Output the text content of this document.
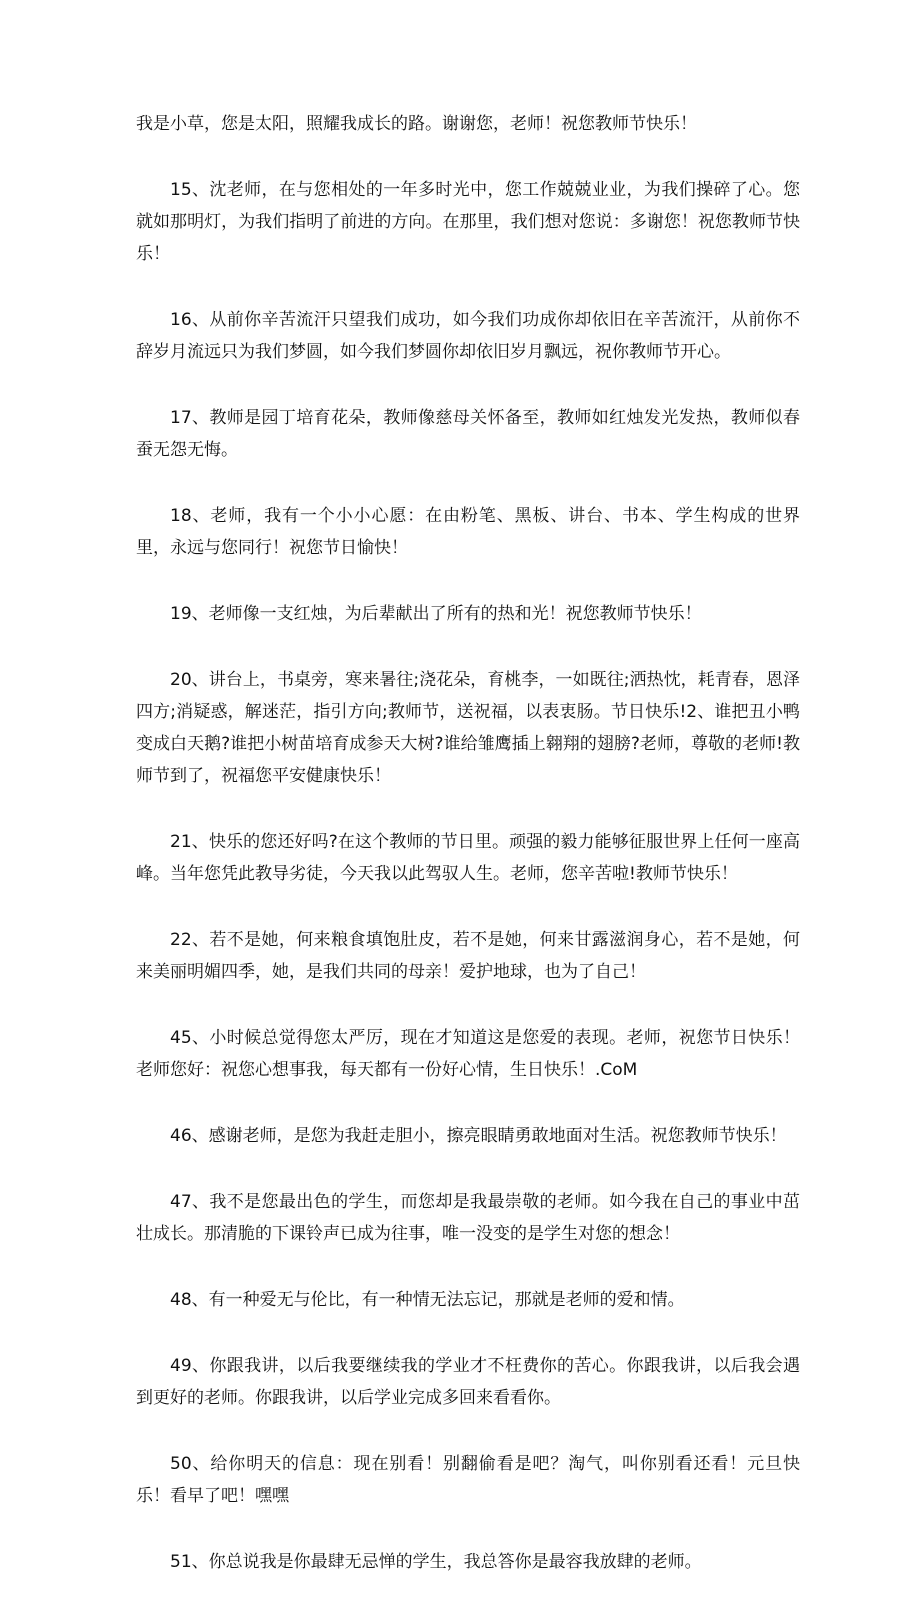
我是小草，您是太阳，照耀我成长的路。谢谢您，老师！祝您教师节快乐！

15、沈老师，在与您相处的一年多时光中，您工作兢兢业业，为我们操碎了心。您就如那明灯，为我们指明了前进的方向。在那里，我们想对您说：多谢您！祝您教师节快乐！

16、从前你辛苦流汗只望我们成功，如今我们功成你却依旧在辛苦流汗，从前你不辞岁月流远只为我们梦圆，如今我们梦圆你却依旧岁月飘远，祝你教师节开心。

17、教师是园丁培育花朵，教师像慈母关怀备至，教师如红烛发光发热，教师似春蚕无怨无悔。

18、老师，我有一个小小心愿：在由粉笔、黑板、讲台、书本、学生构成的世界里，永远与您同行！祝您节日愉快！

19、老师像一支红烛，为后辈献出了所有的热和光！祝您教师节快乐！

20、讲台上，书桌旁，寒来暑往;浇花朵，育桃李，一如既往;洒热忱，耗青春，恩泽四方;消疑惑，解迷茫，指引方向;教师节，送祝福，以表衷肠。节日快乐!2、谁把丑小鸭变成白天鹅?谁把小树苗培育成参天大树?谁给雏鹰插上翱翔的翅膀?老师，尊敬的老师!教师节到了，祝福您平安健康快乐！

21、快乐的您还好吗?在这个教师的节日里。顽强的毅力能够征服世界上任何一座高峰。当年您凭此教导劣徒，今天我以此驾驭人生。老师，您辛苦啦!教师节快乐！

22、若不是她，何来粮食填饱肚皮，若不是她，何来甘露滋润身心，若不是她，何来美丽明媚四季，她，是我们共同的母亲！爱护地球，也为了自己！

45、小时候总觉得您太严厉，现在才知道这是您爱的表现。老师，祝您节日快乐！老师您好：祝您心想事我，每天都有一份好心情，生日快乐！.CoM

46、感谢老师，是您为我赶走胆小，擦亮眼睛勇敢地面对生活。祝您教师节快乐！

47、我不是您最出色的学生，而您却是我最崇敬的老师。如今我在自己的事业中茁壮成长。那清脆的下课铃声已成为往事，唯一没变的是学生对您的想念！

48、有一种爱无与伦比，有一种情无法忘记，那就是老师的爱和情。

49、你跟我讲，以后我要继续我的学业才不枉费你的苦心。你跟我讲，以后我会遇到更好的老师。你跟我讲，以后学业完成多回来看看你。

50、给你明天的信息：现在别看！别翻偷看是吧？淘气，叫你别看还看！元旦快乐！看早了吧！嘿嘿

51、你总说我是你最肆无忌惮的学生，我总答你是最容我放肆的老师。
